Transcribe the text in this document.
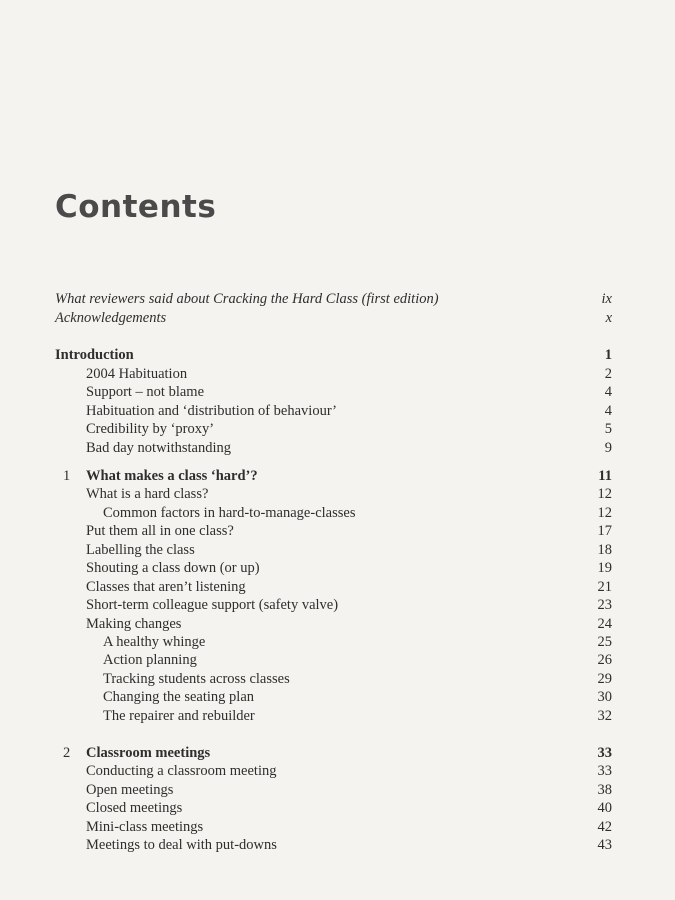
Contents
What reviewers said about Cracking the Hard Class (first edition)	ix
Acknowledgements	x
Introduction	1
2004 Habituation	2
Support – not blame	4
Habituation and ‘distribution of behaviour’	4
Credibility by ‘proxy’	5
Bad day notwithstanding	9
1 What makes a class ‘hard’?	11
What is a hard class?	12
Common factors in hard-to-manage-classes	12
Put them all in one class?	17
Labelling the class	18
Shouting a class down (or up)	19
Classes that aren’t listening	21
Short-term colleague support (safety valve)	23
Making changes	24
A healthy whinge	25
Action planning	26
Tracking students across classes	29
Changing the seating plan	30
The repairer and rebuilder	32
2 Classroom meetings	33
Conducting a classroom meeting	33
Open meetings	38
Closed meetings	40
Mini-class meetings	42
Meetings to deal with put-downs	43
